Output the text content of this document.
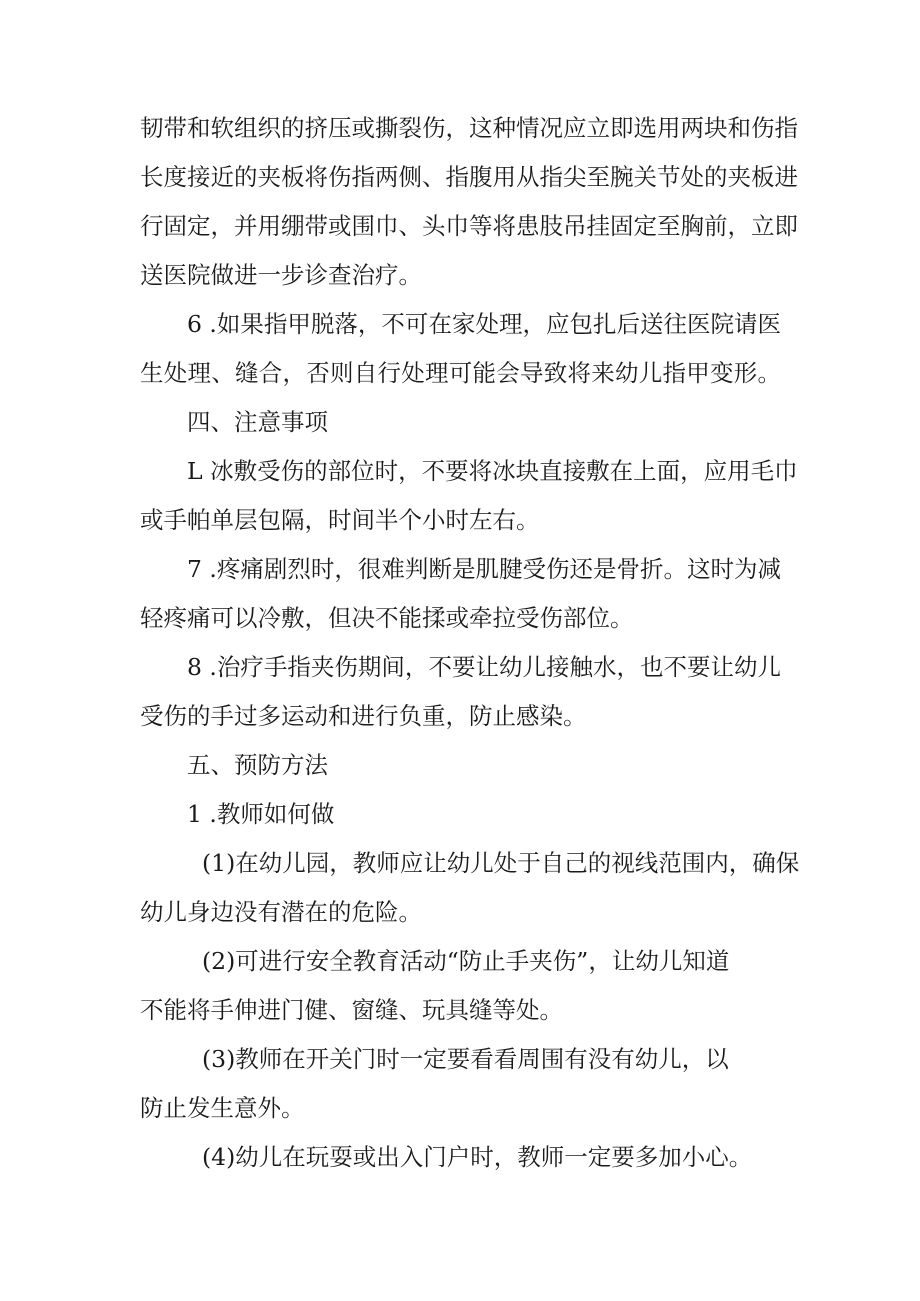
韧带和软组织的挤压或撕裂伤，这种情况应立即选用两块和伤指
长度接近的夹板将伤指两侧、指腹用从指尖至腕关节处的夹板进
行固定，并用绷带或围巾、头巾等将患肢吊挂固定至胸前，立即
送医院做进一步诊查治疗。
6 .如果指甲脱落，不可在家处理，应包扎后送往医院请医
生处理、缝合，否则自行处理可能会导致将来幼儿指甲变形。
四、注意事项
L 冰敷受伤的部位时，不要将冰块直接敷在上面，应用毛巾
或手帕单层包隔，时间半个小时左右。
7 .疼痛剧烈时，很难判断是肌腱受伤还是骨折。这时为减
轻疼痛可以冷敷，但决不能揉或牵拉受伤部位。
8 .治疗手指夹伤期间，不要让幼儿接触水，也不要让幼儿
受伤的手过多运动和进行负重，防止感染。
五、预防方法
1 .教师如何做
(1)在幼儿园，教师应让幼儿处于自己的视线范围内，确保
幼儿身边没有潜在的危险。
(2)可进行安全教育活动“防止手夹伤”，让幼儿知道
不能将手伸进门健、窗缝、玩具缝等处。
(3)教师在开关门时一定要看看周围有没有幼儿，以
防止发生意外。
(4)幼儿在玩耍或出入门户时，教师一定要多加小心。
